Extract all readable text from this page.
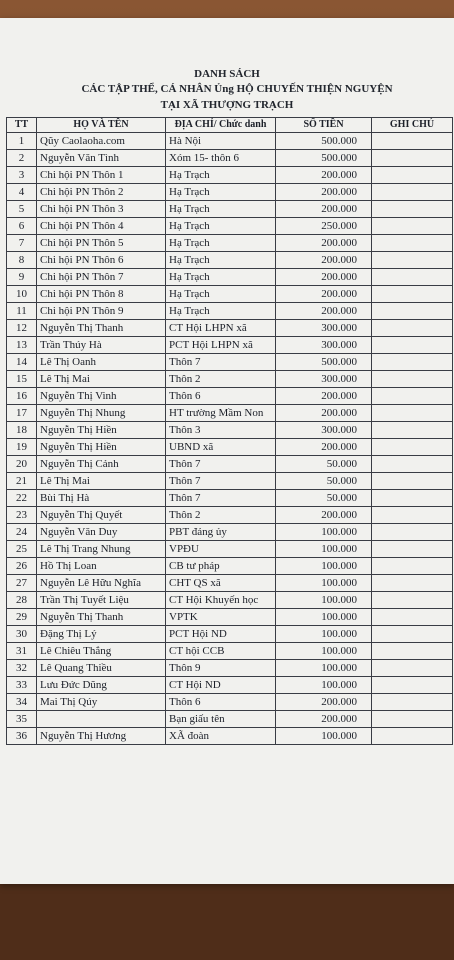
DANH SÁCH
CÁC TẬP THỂ, CÁ NHÂN Ủng HỘ CHUYẾN THIỆN NGUYỆN
TẠI XÃ THƯỢNG TRẠCH
TT	HỌ VÀ TÊN	ĐỊA CHỈ/ Chức danh	SỐ TIỀN	GHI CHÚ
1	Qũy Caolaoha.com	Hà Nội	500.000	
2	Nguyễn Văn Tình	Xóm 15- thôn 6	500.000	
3	Chi hội PN Thôn 1	Hạ Trạch	200.000	
4	Chi hội PN Thôn 2	Hạ Trạch	200.000	
5	Chi hội PN Thôn 3	Hạ Trạch	200.000	
6	Chi hội PN Thôn 4	Hạ Trạch	250.000	
7	Chi hội PN Thôn 5	Hạ Trạch	200.000	
8	Chi hội PN Thôn 6	Hạ Trạch	200.000	
9	Chi hội PN Thôn 7	Hạ Trạch	200.000	
10	Chi hội PN Thôn 8	Hạ Trạch	200.000	
11	Chi hội PN Thôn 9	Hạ Trạch	200.000	
12	Nguyễn Thị Thanh	CT Hội LHPN xã	300.000	
13	Trần Thúy Hà	PCT Hội LHPN xã	300.000	
14	Lê Thị Oanh	Thôn 7	500.000	
15	Lê Thị Mai	Thôn 2	300.000	
16	Nguyễn Thị Vinh	Thôn 6	200.000	
17	Nguyễn Thị Nhung	HT trường Mầm Non	200.000	
18	Nguyễn Thị Hiền	Thôn 3	300.000	
19	Nguyễn Thị Hiền	UBND xã	200.000	
20	Nguyễn Thị Cảnh	Thôn 7	50.000	
21	Lê Thị Mai	Thôn 7	50.000	
22	Bùi Thị Hà	Thôn 7	50.000	
23	Nguyễn Thị Quyết	Thôn 2	200.000	
24	Nguyễn Văn Duy	PBT đảng ủy	100.000	
25	Lê Thị Trang Nhung	VPĐU	100.000	
26	Hồ Thị Loan	CB tư pháp	100.000	
27	Nguyễn Lê Hữu Nghĩa	CHT QS xã	100.000	
28	Trần Thị Tuyết Liệu	CT Hội Khuyến học	100.000	
29	Nguyễn Thị Thanh	VPTK	100.000	
30	Đặng Thị Lý	PCT Hội ND	100.000	
31	Lê Chiêu Thắng	CT hội CCB	100.000	
32	Lê Quang Thiều	Thôn 9	100.000	
33	Lưu Đức Dũng	CT Hội ND	100.000	
34	Mai Thị Qúy	Thôn 6	200.000	
35		Bạn giấu tên	200.000	
36	Nguyễn Thị Hương	XÃ đoàn	100.000	
